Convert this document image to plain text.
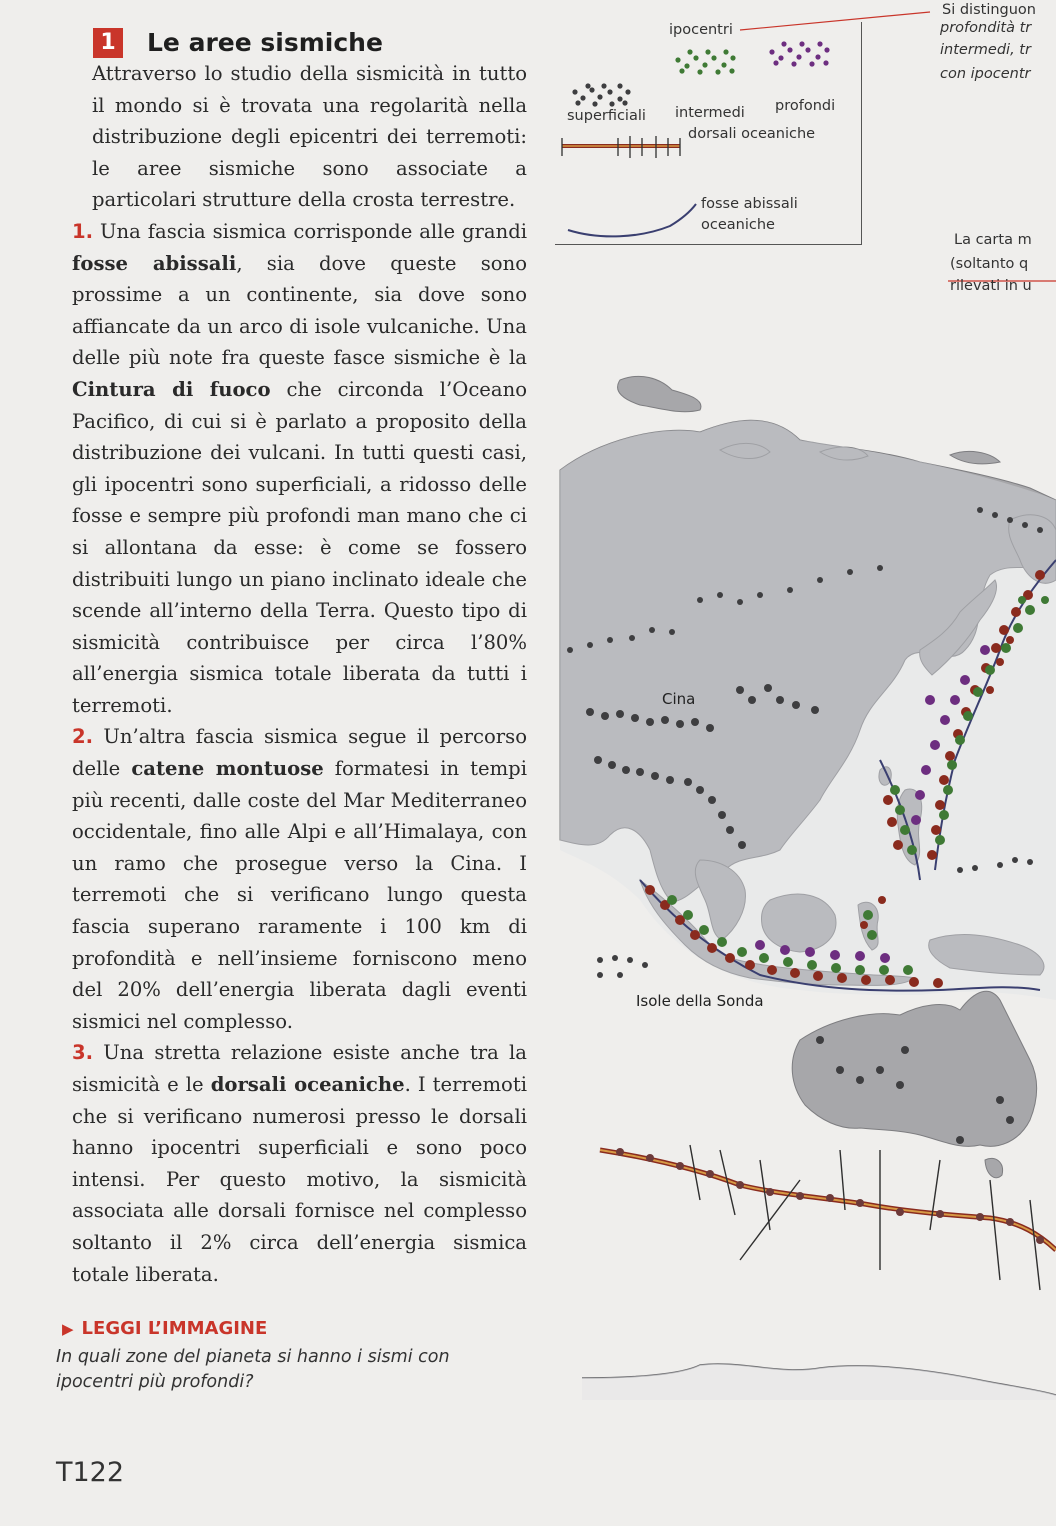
1 Le aree sismiche

Attraverso lo studio della sismicità in tutto il mondo si è trovata una regolarità nella distribuzione degli epicentri dei terremoti: le aree sismiche sono associate a particolari strutture della crosta terrestre.

1. Una fascia sismica corrisponde alle grandi fosse abissali, sia dove queste sono prossime a un continente, sia dove sono affiancate da un arco di isole vulcaniche. Una delle più note fra queste fasce sismiche è la Cintura di fuoco che circonda l’Oceano Pacifico, di cui si è parlato a proposito della distribuzione dei vulcani. In tutti questi casi, gli ipocentri sono superficiali, a ridosso delle fosse e sempre più profondi man mano che ci si allontana da esse: è come se fossero distribuiti lungo un piano inclinato ideale che scende all’interno della Terra. Questo tipo di sismicità contribuisce per circa l’80% all’energia sismica totale liberata da tutti i terremoti.

2. Un’altra fascia sismica segue il percorso delle catene montuose formatesi in tempi più recenti, dalle coste del Mar Mediterraneo occidentale, fino alle Alpi e all’Himalaya, con un ramo che prosegue verso la Cina. I terremoti che si verificano lungo questa fascia superano raramente i 100 km di profondità e nell’insieme forniscono meno del 20% dell’energia liberata dagli eventi sismici nel complesso.

3. Una stretta relazione esiste anche tra la sismicità e le dorsali oceaniche. I terremoti che si verificano numerosi presso le dorsali hanno ipocentri superficiali e sono poco intensi. Per questo motivo, la sismicità associata alle dorsali fornisce nel complesso soltanto il 2% circa dell’energia sismica totale liberata.

ipocentri
superficiali intermedi profondi
dorsali oceaniche
fosse abissali
oceaniche
Si distinguon
profondità tr
intermedi, tr
con ipocentr
La carta m
(soltanto q
rilevati in u
Cina
Isole della Sonda
▶ LEGGI L’IMMAGINE
In quali zone del pianeta si hanno i sismi con ipocentri più profondi?
T122
